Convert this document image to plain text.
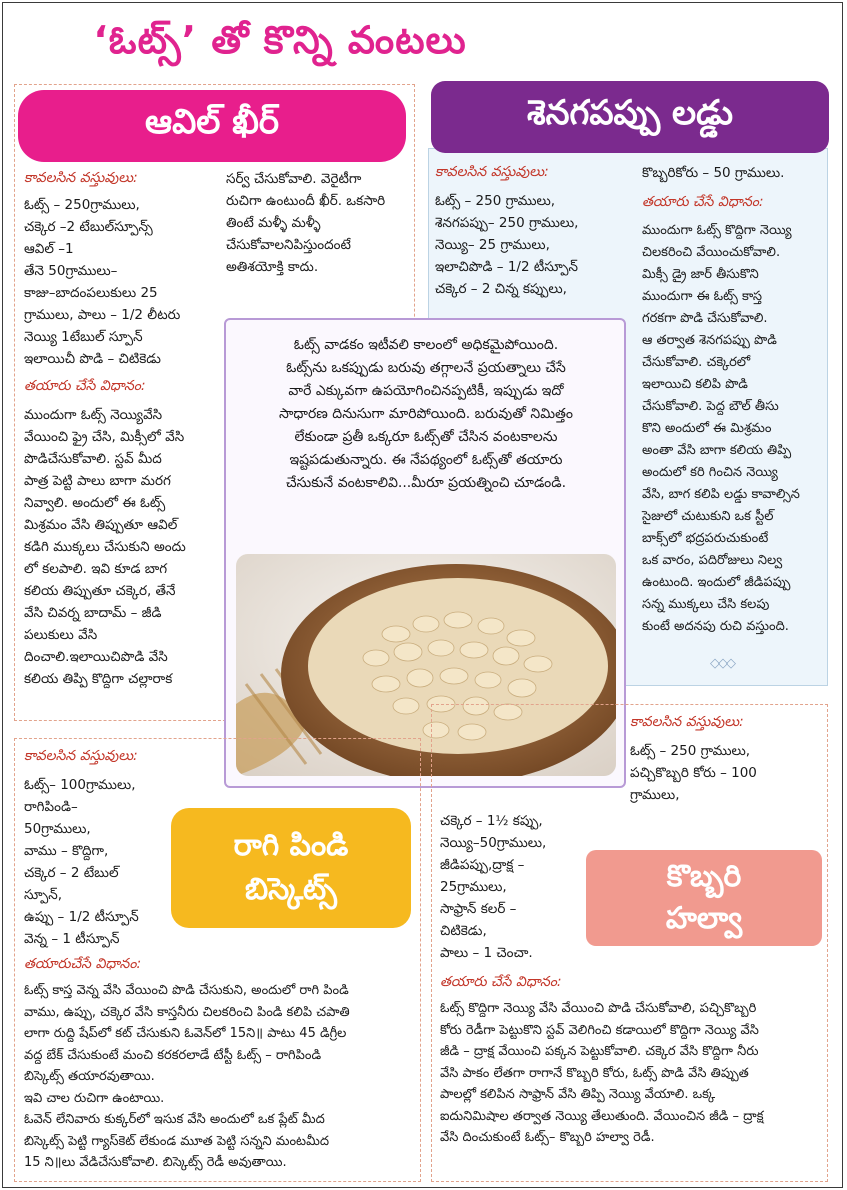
‘ఓట్స్’ తో కొన్ని వంటలు
ఆవిల్ ఖీర్
కావలసిన వస్తువులు:
ఓట్స్ – 250గ్రాములు,
చక్కెర –2 టేబుల్‌స్పూన్స్
ఆవిల్ –1
తేనె 50గ్రాములు–
కాజు–బాదంపలుకులు 25
గ్రాములు, పాలు – 1/2 లీటరు
నెయ్యి 1టేబుల్ స్పూన్
ఇలాయిచీ పొడి – చిటికెడు
తయారు చేసే విధానం:
ముందుగా ఓట్స్ నెయ్యివేసి
వేయించి ఫ్రై చేసి, మిక్సీలో వేసి
పొడిచేసుకోవాలి. స్టవ్ మీద
పాత్ర పెట్టి పాలు బాగా మరగ
నివ్వాలి. అందులో ఈ ఓట్స్
మిశ్రమం వేసి తిప్పుతూ ఆవిల్
కడిగి ముక్కలు చేసుకుని అందు
లో కలపాలి. ఇవి కూడ బాగ
కలియ తిప్పుతూ చక్కెర, తేనే
వేసి చివర్న బాదామ్ – జీడి
పలుకులు వేసి
దించాలి.ఇలాయిచిపొడి వేసి
కలియ తిప్పి కొద్దిగా చల్లారాక
సర్వ్ చేసుకోవాలి. వెరైటీగా
రుచిగా ఉంటుందీ ఖీర్. ఒకసారి
తింటే మళ్ళీ మళ్ళీ
చేసుకోవాలనిపిస్తుందంటే
అతిశయోక్తి కాదు.
శెనగపప్పు లడ్డు
కావలసిన వస్తువులు:
ఓట్స్ – 250 గ్రాములు,
శెనగపప్పు– 250 గ్రాములు,
నెయ్యి– 25 గ్రాములు,
ఇలాచిపొడి – 1/2 టీస్పూన్
చక్కెర – 2 చిన్న కప్పులు,
కొబ్బరికోరు – 50 గ్రాములు.
తయారు చేసే విధానం:
ముందుగా ఓట్స్ కొద్దిగా నెయ్యి
చిలకరించి వేయించుకోవాలి.
మిక్సీ డ్రై జార్ తీసుకొని
ముందుగా ఈ ఓట్స్ కాస్త
గరకగా పొడి చేసుకోవాలి.
ఆ తర్వాత శెనగపప్పు పొడి
చేసుకోవాలి. చక్కెరలో
ఇలాయిచి కలిపి పొడి
చేసుకోవాలి. పెద్ద బౌల్ తీసు
కొని అందులో ఈ మిశ్రమం
అంతా వేసి బాగా కలియ తిప్పి
అందులో కరి గించిన నెయ్యి
వేసి, బాగ కలిపి లడ్డు కావాల్సిన
సైజులో చుటుకుని ఒక స్టీల్
బాక్స్‌లో భద్రపరుచుకుంటే
ఒక వారం, పదిరోజులు నిల్వ
ఉంటుంది. ఇందులో జీడిపప్పు
సన్న ముక్కలు చేసి కలపు
కుంటే అదనపు రుచి వస్తుంది.
◇◇◇
ఓట్స్ వాడకం ఇటీవలి కాలంలో అధికమైపోయింది.
ఓట్స్‌ను ఒకప్పుడు బరువు తగ్గాలనే ప్రయత్నాలు చేసే
వారే ఎక్కువగా ఉపయోగించినప్పటికీ, ఇప్పుడు ఇదో
సాధారణ దినుసుగా మారిపోయింది. బరువుతో నిమిత్తం
లేకుండా ప్రతీ ఒక్కరూ ఓట్స్‌తో చేసిన వంటకాలను
ఇష్టపడుతున్నారు. ఈ నేపథ్యంలో ఓట్స్‌తో తయారు
చేసుకునే వంటకాలివి...మీరూ ప్రయత్నించి చూడండి.
రాగి పిండి
బిస్కెట్స్
కావలసిన వస్తువులు:
ఓట్స్– 100గ్రాములు,
రాగిపిండి–
50గ్రాములు,
వాము – కొద్దిగా,
చక్కెర – 2 టేబుల్
స్పూన్,
ఉప్పు – 1/2 టీస్పూన్
వెన్న – 1 టీస్పూన్
తయారుచేసే విధానం:
ఓట్స్ కాస్త వెన్న వేసి వేయించి పొడి చేసుకుని, అందులో రాగి పిండి
వాము, ఉప్పు, చక్కెర వేసి కాస్తనీరు చిలకరించి పిండి కలిపి చపాతి
లాగా రుద్ది షేప్‌లో కట్ చేసుకుని ఓవెన్‌లో 15ని॥ పాటు 45 డిగ్రీల
వద్ద బేక్ చేసుకుంటే మంచి కరకరలాడే టేస్టీ ఓట్స్ – రాగిపిండి
బిస్కెట్స్ తయారవుతాయి.
ఇవి చాల రుచిగా ఉంటాయి.
ఓవెన్ లేనివారు కుక్కర్‌లో ఇసుక వేసి అందులో ఒక ప్లేట్ మీద
బిస్కెట్స్ పెట్టి గ్యాస్‌కెట్ లేకుండ మూత పెట్టి సన్నని మంటమీద
15 ని॥లు వేడిచేసుకోవాలి. బిస్కెట్స్ రెడీ అవుతాయి.
కావలసిన వస్తువులు:
ఓట్స్ – 250 గ్రాములు,
పచ్చికొబ్బరి కోరు – 100
గ్రాములు,
చక్కెర – 1½ కప్పు,
నెయ్యి–50గ్రాములు,
జీడిపప్పు,ద్రాక్ష –
25గ్రాములు,
సాఫ్రాన్ కలర్ –
చిటికెడు,
పాలు – 1 చెంచా.
కొబ్బరి
హల్వా
తయారు చేసే విధానం:
ఓట్స్ కొద్దిగా నెయ్యి వేసి వేయించి పొడి చేసుకోవాలి, పచ్చికొబ్బరి
కోరు రెడీగా పెట్టుకొని స్టవ్ వెలిగించి కడాయిలో కొద్దిగా నెయ్యి వేసి
జీడి – ద్రాక్ష వేయించి పక్కన పెట్టుకోవాలి. చక్కెర వేసి కొద్దిగా నీరు
వేసి పాకం లేతగా రాగానే కొబ్బరి కోరు, ఓట్స్ పొడి వేసి తిప్పుత
పాలల్లో కలిపిన సాఫ్రాన్ వేసి తిప్పి నెయ్యి వేయాలి. ఒక్క
ఐదునిమిషాల తర్వాత నెయ్యి తేలుతుంది. వేయించిన జీడి – ద్రాక్ష
వేసి దించుకుంటే ఓట్స్– కొబ్బరి హల్వా రెడీ.
